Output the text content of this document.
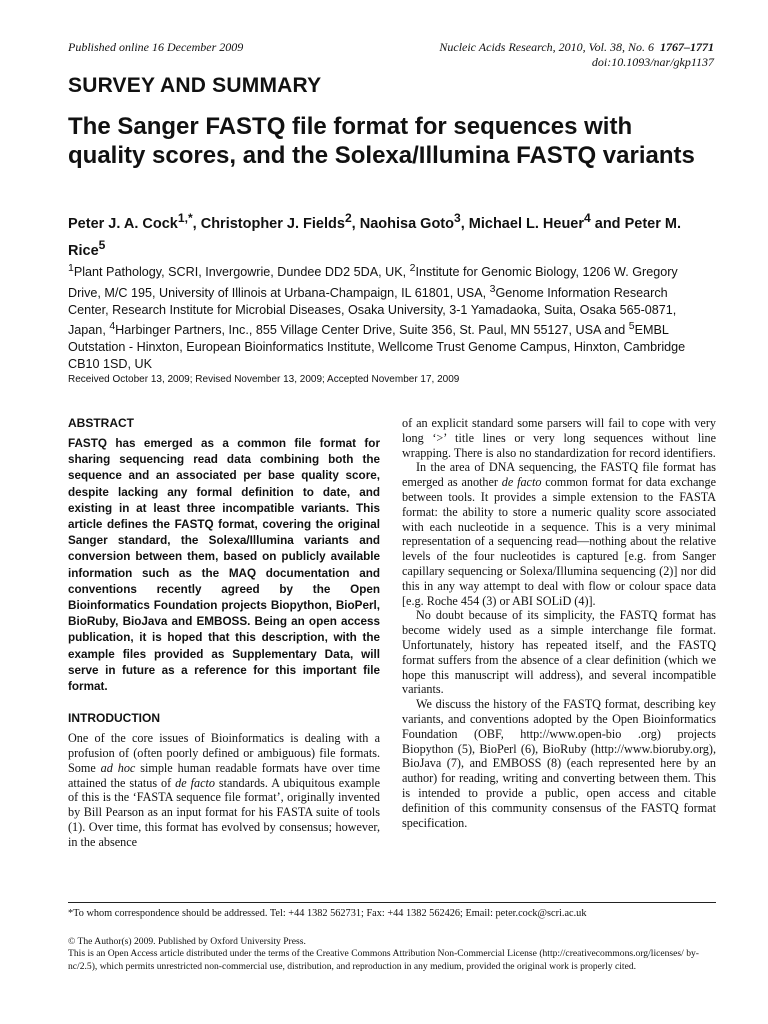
Published online 16 December 2009	Nucleic Acids Research, 2010, Vol. 38, No. 6 1767–1771
doi:10.1093/nar/gkp1137
SURVEY AND SUMMARY
The Sanger FASTQ file format for sequences with quality scores, and the Solexa/Illumina FASTQ variants
Peter J. A. Cock$^{1,*}$, Christopher J. Fields$^2$, Naohisa Goto$^3$, Michael L. Heuer$^4$ and Peter M. Rice$^5$
$^1$Plant Pathology, SCRI, Invergowrie, Dundee DD2 5DA, UK, $^2$Institute for Genomic Biology, 1206 W. Gregory Drive, M/C 195, University of Illinois at Urbana-Champaign, IL 61801, USA, $^3$Genome Information Research Center, Research Institute for Microbial Diseases, Osaka University, 3-1 Yamadaoka, Suita, Osaka 565-0871, Japan, $^4$Harbinger Partners, Inc., 855 Village Center Drive, Suite 356, St. Paul, MN 55127, USA and $^5$EMBL Outstation - Hinxton, European Bioinformatics Institute, Wellcome Trust Genome Campus, Hinxton, Cambridge CB10 1SD, UK
Received October 13, 2009; Revised November 13, 2009; Accepted November 17, 2009
ABSTRACT

FASTQ has emerged as a common file format for sharing sequencing read data combining both the sequence and an associated per base quality score, despite lacking any formal definition to date, and existing in at least three incompatible variants. This article defines the FASTQ format, covering the original Sanger standard, the Solexa/Illumina variants and conversion between them, based on publicly available information such as the MAQ documentation and conventions recently agreed by the Open Bioinformatics Foundation projects Biopython, BioPerl, BioRuby, BioJava and EMBOSS. Being an open access publication, it is hoped that this description, with the example files provided as Supplementary Data, will serve in future as a reference for this important file format.

INTRODUCTION

One of the core issues of Bioinformatics is dealing with a profusion of (often poorly defined or ambiguous) file formats. Some ad hoc simple human readable formats have over time attained the status of de facto standards. A ubiquitous example of this is the ‘FASTA sequence file format’, originally invented by Bill Pearson as an input format for his FASTA suite of tools (1). Over time, this format has evolved by consensus; however, in the absence

of an explicit standard some parsers will fail to cope with very long ‘>’ title lines or very long sequences without line wrapping. There is also no standardization for record identifiers.

In the area of DNA sequencing, the FASTQ file format has emerged as another de facto common format for data exchange between tools. It provides a simple extension to the FASTA format: the ability to store a numeric quality score associated with each nucleotide in a sequence. This is a very minimal representation of a sequencing read—nothing about the relative levels of the four nucleotides is captured [e.g. from Sanger capillary sequencing or Solexa/Illumina sequencing (2)] nor did this in any way attempt to deal with flow or colour space data [e.g. Roche 454 (3) or ABI SOLiD (4)].

No doubt because of its simplicity, the FASTQ format has become widely used as a simple interchange file format. Unfortunately, history has repeated itself, and the FASTQ format suffers from the absence of a clear definition (which we hope this manuscript will address), and several incompatible variants.

We discuss the history of the FASTQ format, describing key variants, and conventions adopted by the Open Bioinformatics Foundation (OBF, http://www.open-bio .org) projects Biopython (5), BioPerl (6), BioRuby (http://www.bioruby.org), BioJava (7), and EMBOSS (8) (each represented here by an author) for reading, writing and converting between them. This is intended to provide a public, open access and citable definition of this community consensus of the FASTQ format specification.

*To whom correspondence should be addressed. Tel: +44 1382 562731; Fax: +44 1382 562426; Email: peter.cock@scri.ac.uk
© The Author(s) 2009. Published by Oxford University Press.
This is an Open Access article distributed under the terms of the Creative Commons Attribution Non-Commercial License (http://creativecommons.org/licenses/ by-nc/2.5), which permits unrestricted non-commercial use, distribution, and reproduction in any medium, provided the original work is properly cited.
